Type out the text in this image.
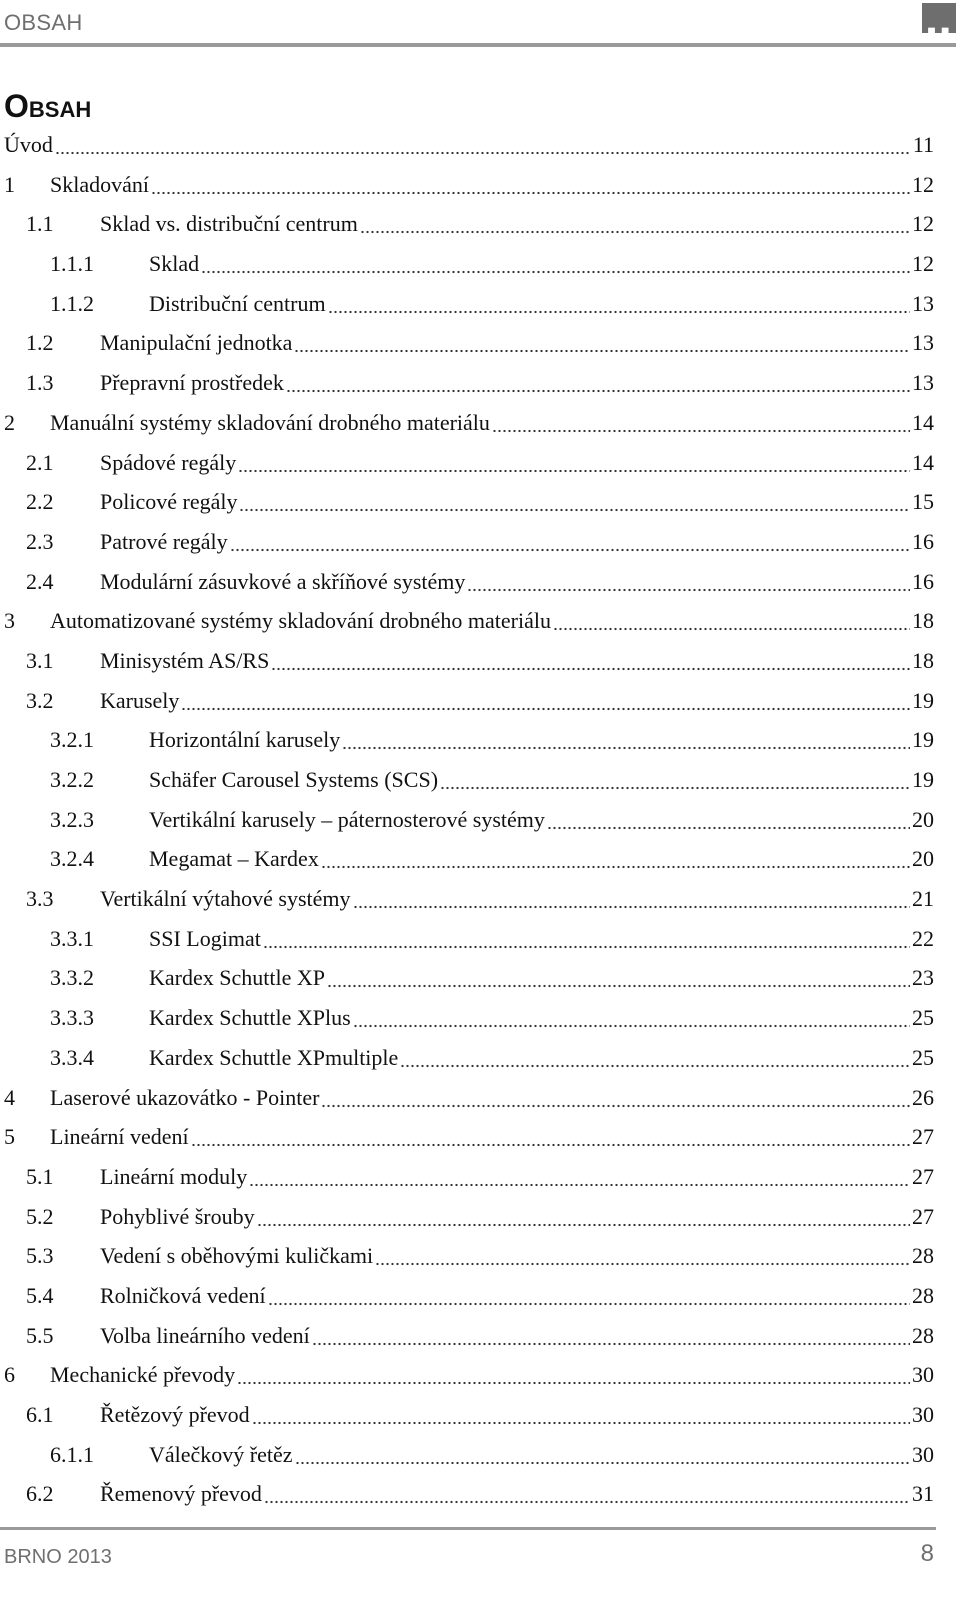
OBSAH
Obsah
Úvod	11
1 Skladování	12
1.1 Sklad vs. distribuční centrum	12
1.1.1	Sklad	12
1.1.2	Distribuční centrum	13
1.2 Manipulační jednotka	13
1.3 Přepravní prostředek	13
2 Manuální systémy skladování drobného materiálu	14
2.1 Spádové regály	14
2.2 Policové regály	15
2.3 Patrové regály	16
2.4 Modulární zásuvkové a skříňové systémy	16
3 Automatizované systémy skladování drobného materiálu	18
3.1 Minisystém AS/RS	18
3.2 Karusely	19
3.2.1	Horizontální karusely	19
3.2.2	Schäfer Carousel Systems (SCS)	19
3.2.3	Vertikální karusely – páternosterové systémy	20
3.2.4	Megamat – Kardex	20
3.3 Vertikální výtahové systémy	21
3.3.1	SSI Logimat	22
3.3.2	Kardex Schuttle XP	23
3.3.3	Kardex Schuttle XPlus	25
3.3.4	Kardex Schuttle XPmultiple	25
4 Laserové ukazovátko - Pointer	26
5 Lineární vedení	27
5.1 Lineární moduly	27
5.2 Pohyblivé šrouby	27
5.3 Vedení s oběhovými kuličkami	28
5.4 Rolničková vedení	28
5.5 Volba lineárního vedení	28
6 Mechanické převody	30
6.1 Řetězový převod	30
6.1.1	Válečkový řetěz	30
6.2 Řemenový převod	31
BRNO 2013	8
